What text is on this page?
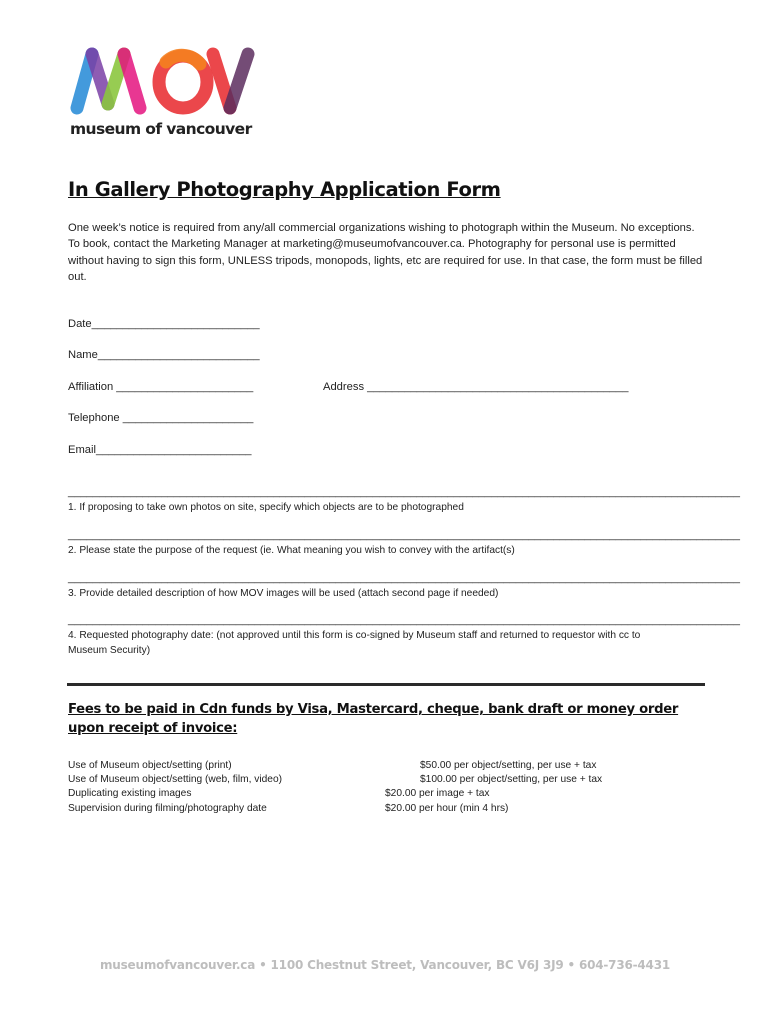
museum of vancouver
In Gallery Photography Application Form
One week’s notice is required from any/all commercial organizations wishing to photograph within the Museum. No exceptions. To book, contact the Marketing Manager at marketing@museumofvancouver.ca. Photography for personal use is permitted without having to sign this form, UNLESS tripods, monopods, lights, etc are required for use. In that case, the form must be filled out.
Date___________________________
Name__________________________
Affiliation ______________________	Address __________________________________________
Telephone _____________________
Email_________________________
____________________________________________________________________________________________________________
1. If proposing to take own photos on site, specify which objects are to be photographed
____________________________________________________________________________________________________________
2. Please state the purpose of the request (ie. What meaning you wish to convey with the artifact(s)
____________________________________________________________________________________________________________
3. Provide detailed description of how MOV images will be used (attach second page if needed)
____________________________________________________________________________________________________________
4. Requested photography date: (not approved until this form is co-signed by Museum staff and returned to requestor with cc to Museum Security)
Fees to be paid in Cdn funds by Visa, Mastercard, cheque, bank draft or money order upon receipt of invoice:
Use of Museum object/setting (print)	$50.00 per object/setting, per use + tax
Use of Museum object/setting (web, film, video)	$100.00 per object/setting, per use + tax
Duplicating existing images	$20.00 per image + tax
Supervision during filming/photography date	$20.00 per hour (min 4 hrs)
museumofvancouver.ca • 1100 Chestnut Street, Vancouver, BC V6J 3J9 • 604-736-4431
